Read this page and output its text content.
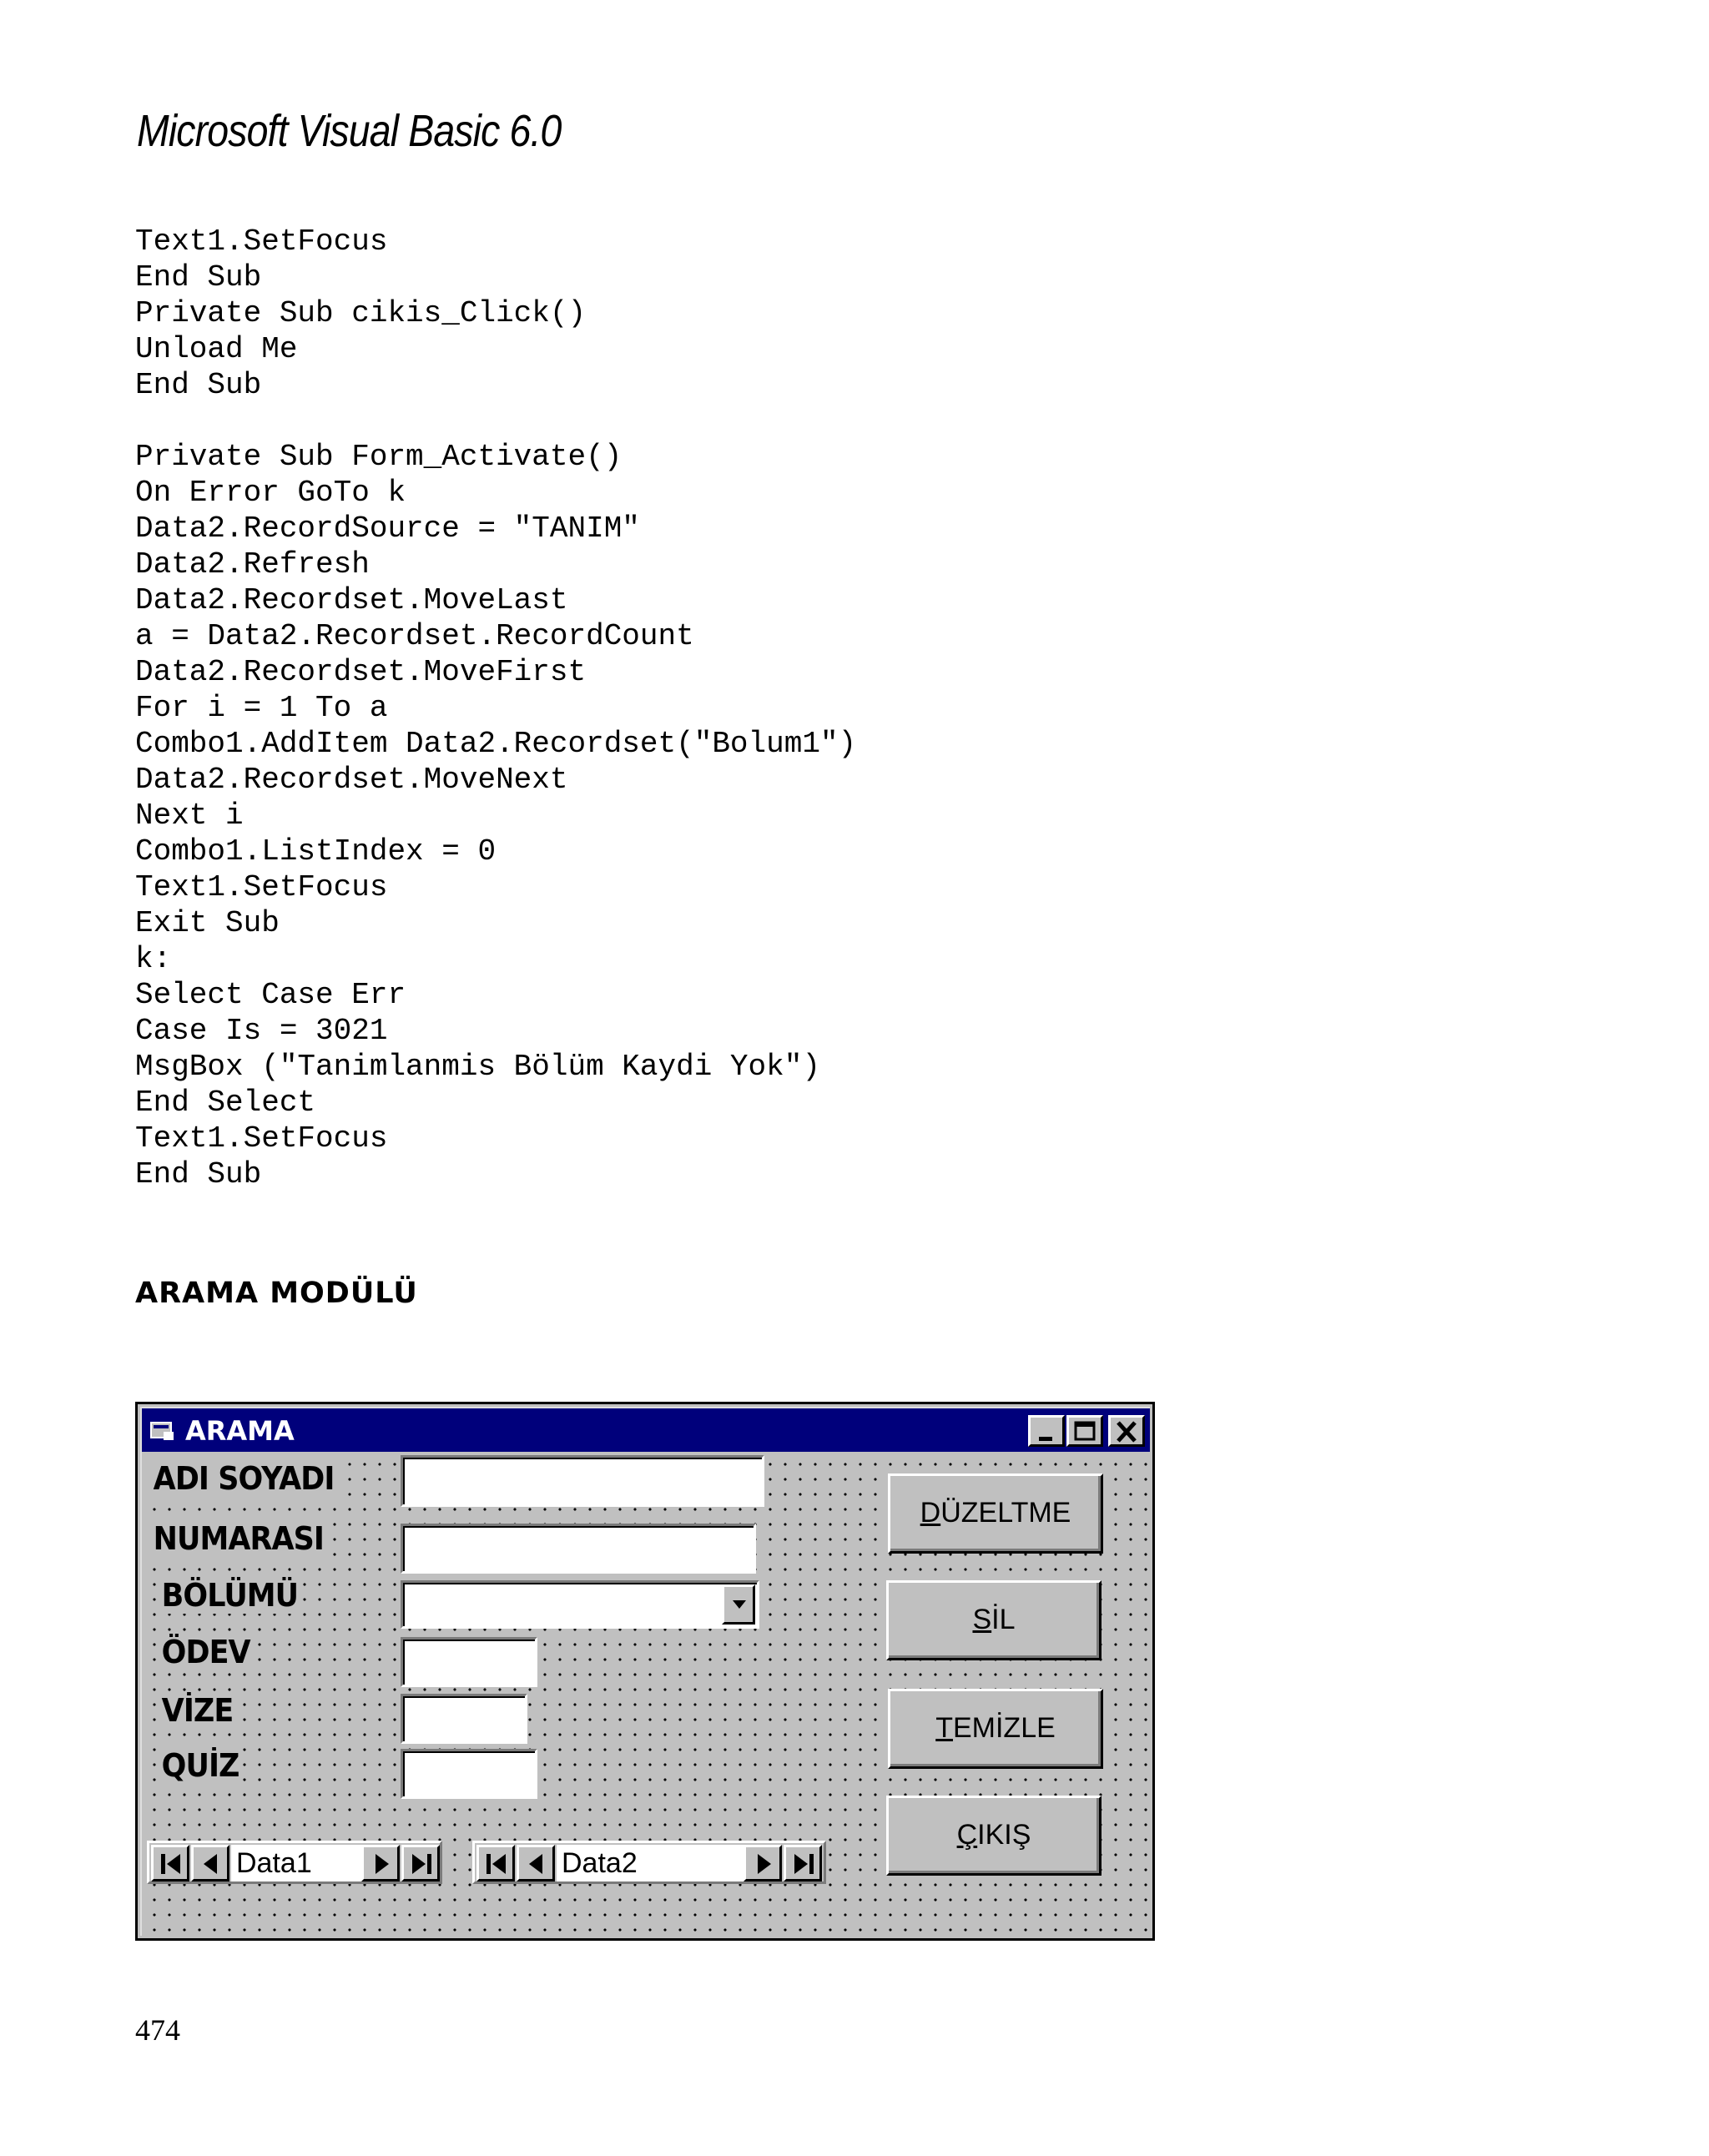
Microsoft Visual Basic 6.0
Text1.SetFocus
End Sub
Private Sub cikis_Click()
Unload Me
End Sub
Private Sub Form_Activate()
On Error GoTo k
Data2.RecordSource = "TANIM"
Data2.Refresh
Data2.Recordset.MoveLast
a = Data2.Recordset.RecordCount
Data2.Recordset.MoveFirst
For i = 1 To a
Combo1.AddItem Data2.Recordset("Bolum1")
Data2.Recordset.MoveNext
Next i
Combo1.ListIndex = 0
Text1.SetFocus
Exit Sub
k:
Select Case Err
Case Is = 3021
MsgBox ("Tanimlanmis Bölüm Kaydi Yok")
End Select
Text1.SetFocus
End Sub
ARAMA MODÜLÜ
ARAMA
ADI SOYADI
NUMARASI
BÖLÜMÜ
ÖDEV
VİZE
QUİZ
DÜZELTME
SİL
TEMİZLE
ÇIKIŞ
Data1	Data2
474
